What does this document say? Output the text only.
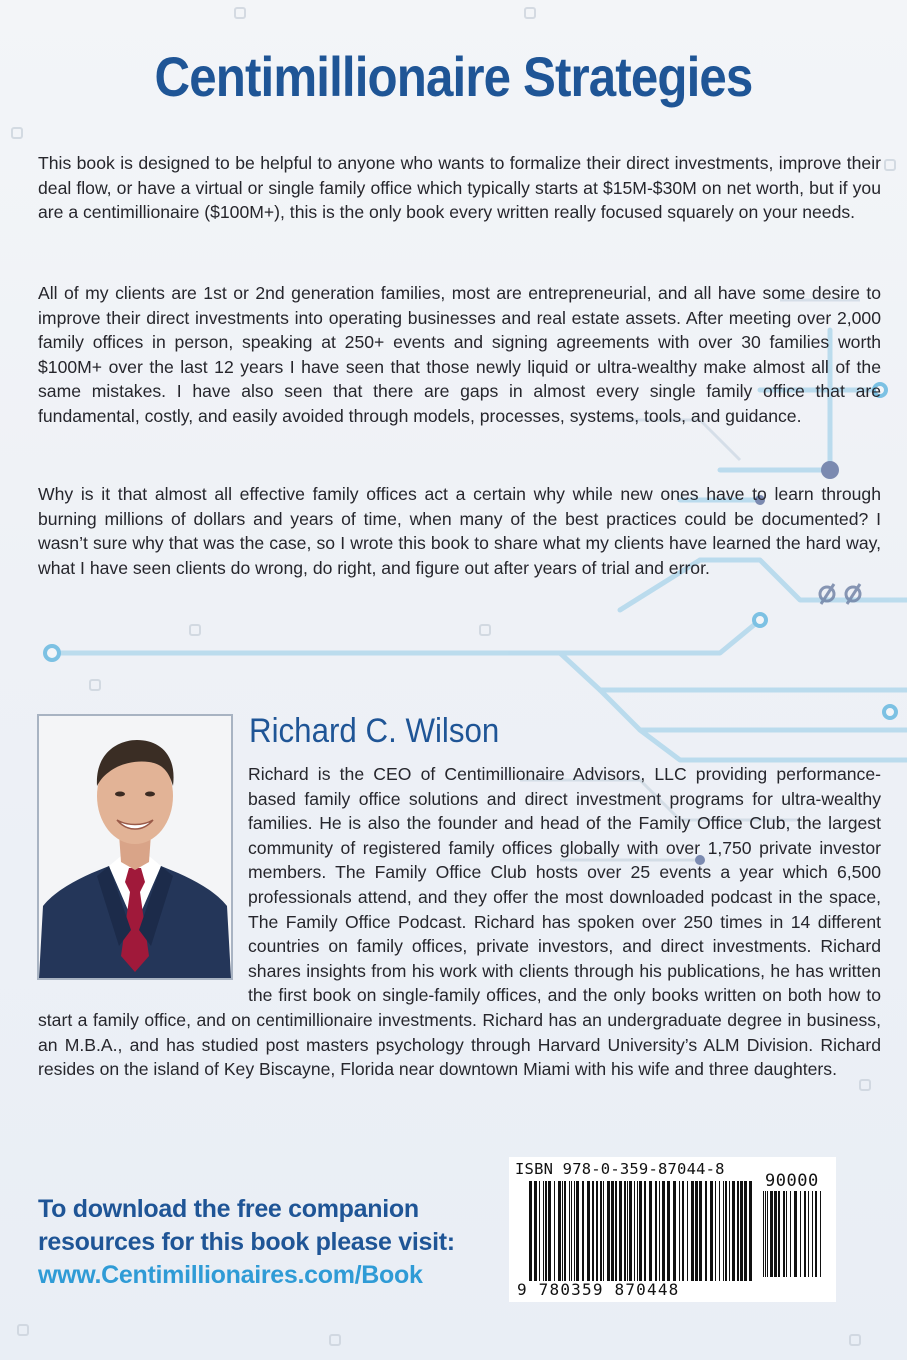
Centimillionaire Strategies

This book is designed to be helpful to anyone who wants to formalize their direct investments, improve their deal flow, or have a virtual or single family office which typically starts at $15M-$30M on net worth, but if you are a centimillionaire ($100M+), this is the only book every written really focused squarely on your needs.

All of my clients are 1st or 2nd generation families, most are entrepreneurial, and all have some desire to improve their direct investments into operating businesses and real estate assets. After meeting over 2,000 family offices in person, speaking at 250+ events and signing agreements with over 30 families worth $100M+ over the last 12 years I have seen that those newly liquid or ultra-wealthy make almost all of the same mistakes. I have also seen that there are gaps in almost every single family office that are fundamental, costly, and easily avoided through models, processes, systems, tools, and guidance.

Why is it that almost all effective family offices act a certain why while new ones have to learn through burning millions of dollars and years of time, when many of the best practices could be documented? I wasn’t sure why that was the case, so I wrote this book to share what my clients have learned the hard way, what I have seen clients do wrong, do right, and figure out after years of trial and error.

Richard C. Wilson
Richard is the CEO of Centimillionaire Advisors, LLC providing performance-based family office solutions and direct investment programs for ultra-wealthy families. He is also the founder and head of the Family Office Club, the largest community of registered family offices globally with over 1,750 private investor members. The Family Office Club hosts over 25 events a year which 6,500 professionals attend, and they offer the most downloaded podcast in the space, The Family Office Podcast. Richard has spoken over 250 times in 14 different countries on family offices, private investors, and direct investments. Richard shares insights from his work with clients through his publications, he has written the first book on single-family offices, and the only books written on both how to start a family office, and on centimillionaire investments. Richard has an undergraduate degree in business, an M.B.A., and has studied post masters psychology through Harvard University’s ALM Division. Richard resides on the island of Key Biscayne, Florida near downtown Miami with his wife and three daughters.
To download the free companion
resources for this book please visit:
www.Centimillionaires.com/Book
ISBN 978-0-359-87044-8
90000
9 780359 870448
